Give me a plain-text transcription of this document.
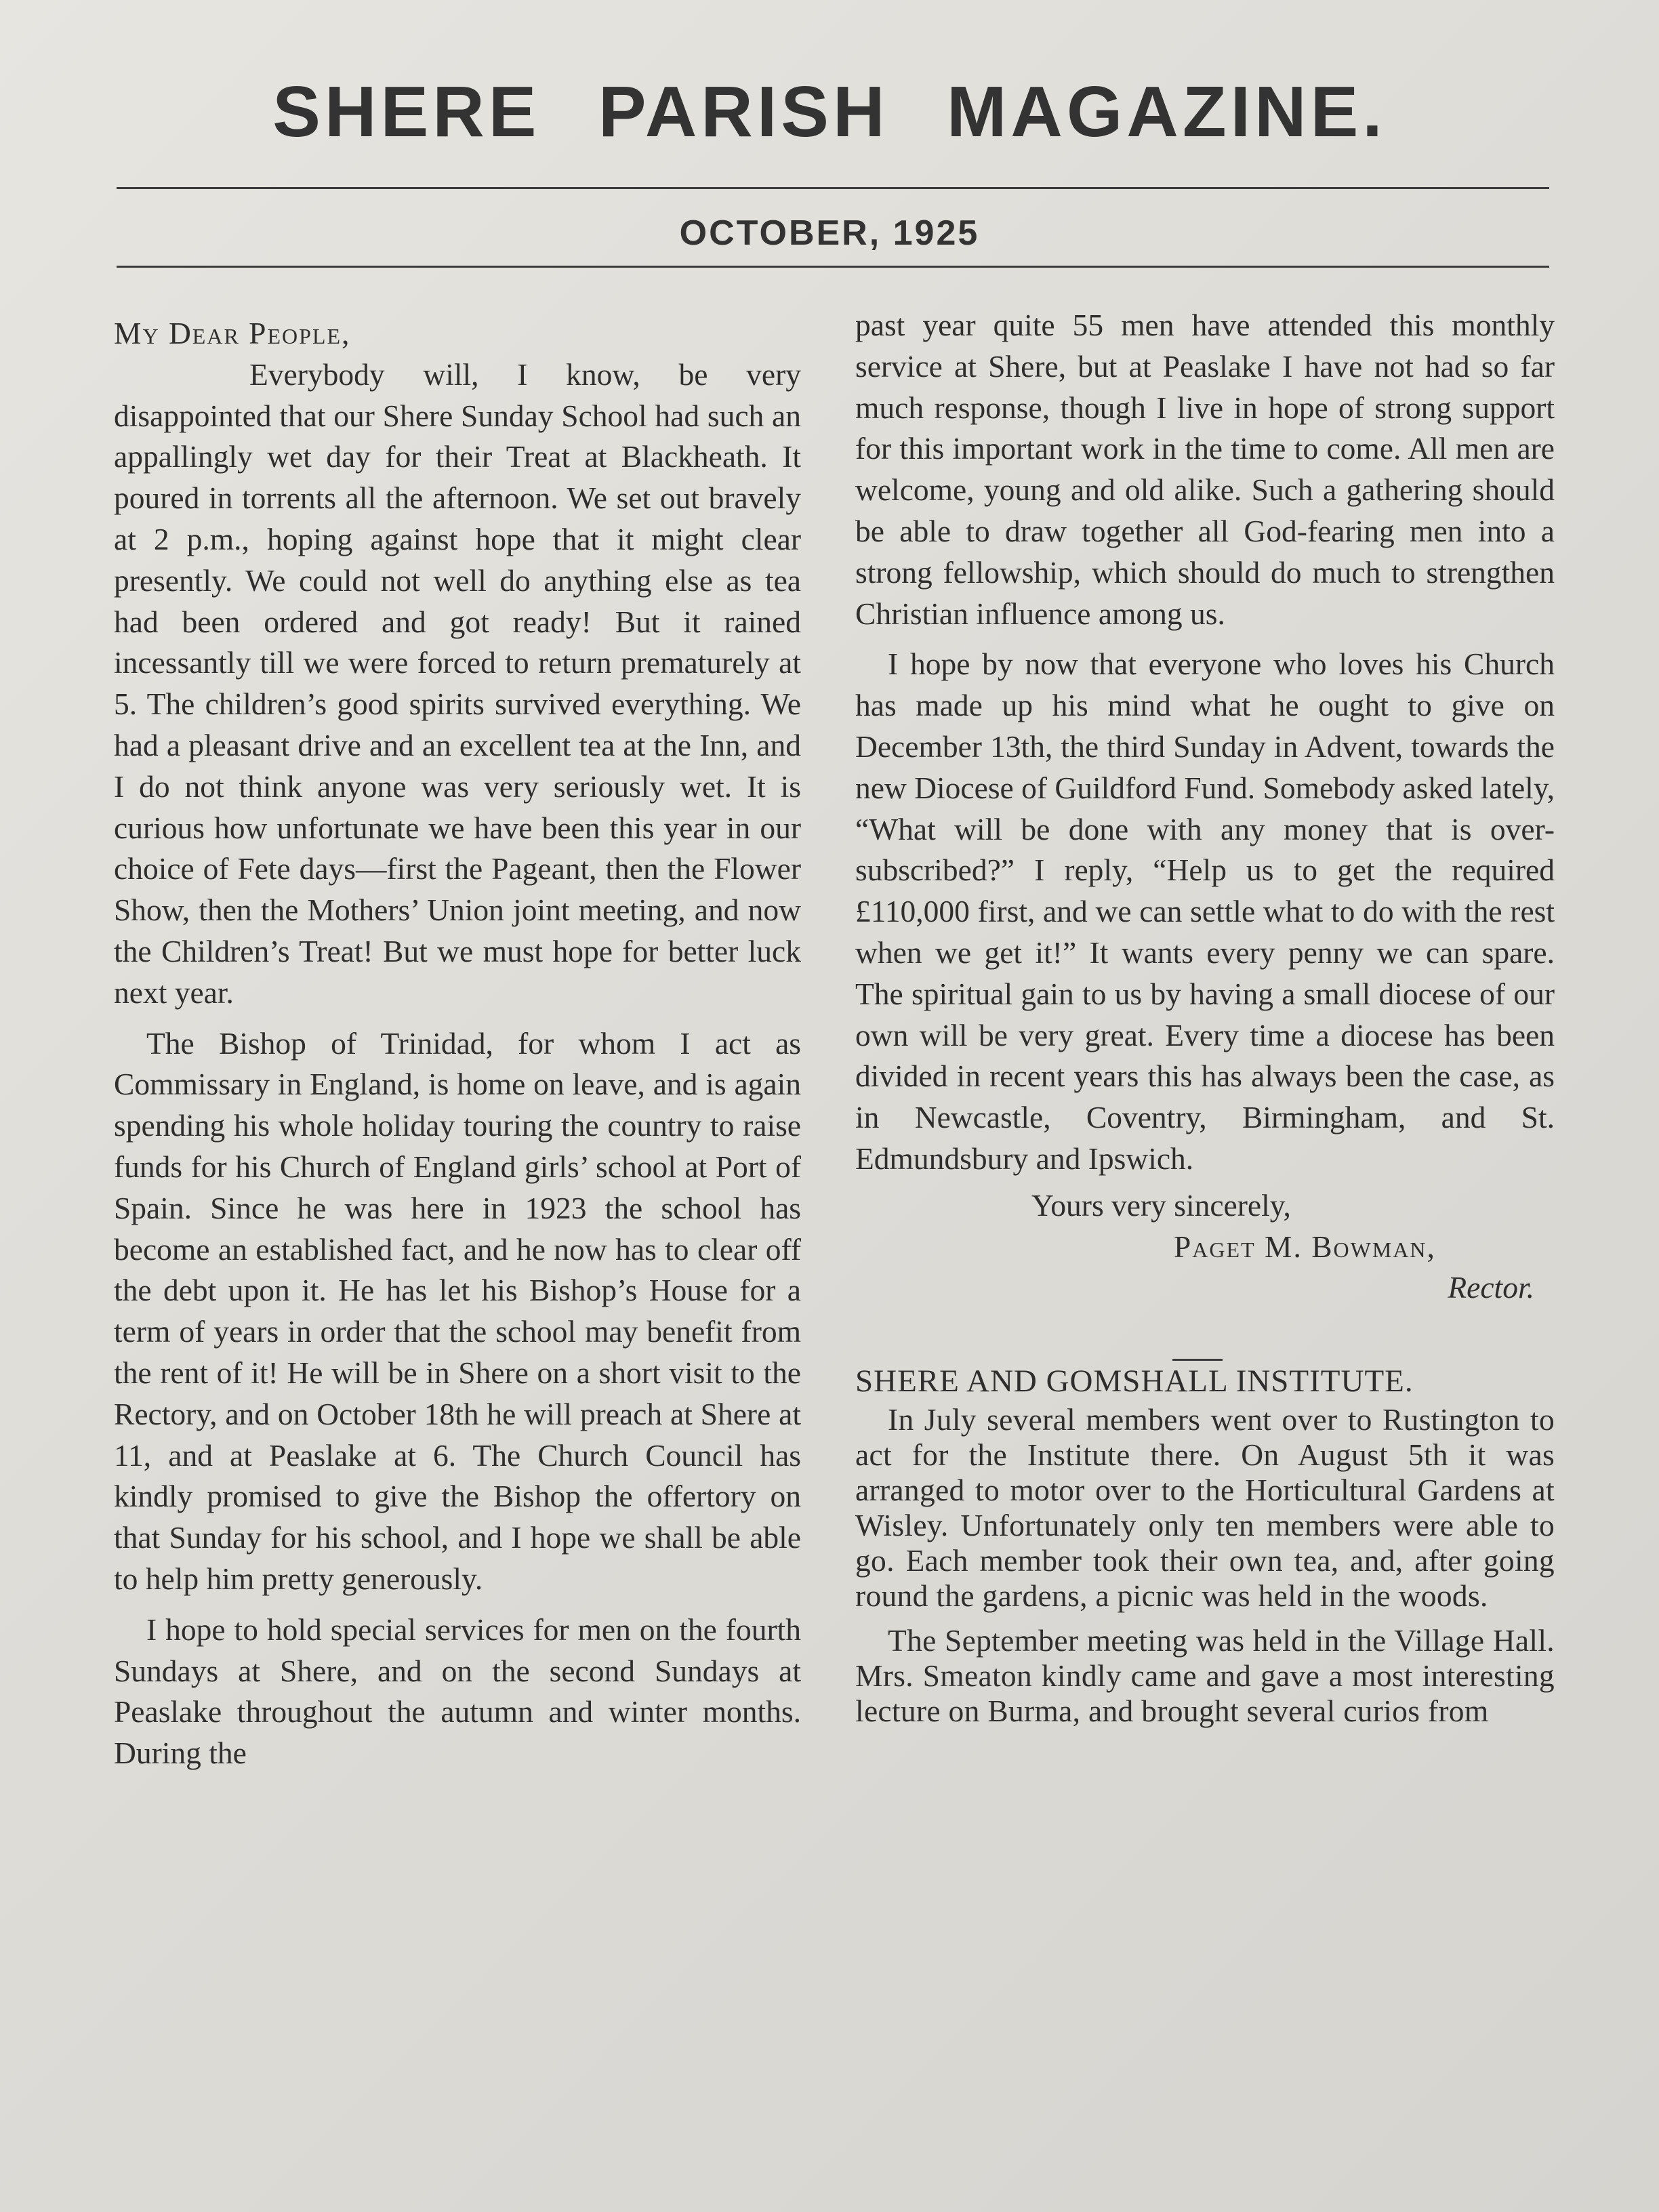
SHERE PARISH MAGAZINE.
OCTOBER, 1925

My Dear People,

Everybody will, I know, be very disappointed that our Shere Sunday School had such an appallingly wet day for their Treat at Blackheath. It poured in torrents all the afternoon. We set out bravely at 2 p.m., hoping against hope that it might clear presently. We could not well do anything else as tea had been ordered and got ready! But it rained incessantly till we were forced to return prematurely at 5. The children’s good spirits survived everything. We had a pleasant drive and an excellent tea at the Inn, and I do not think anyone was very seriously wet. It is curious how unfortunate we have been this year in our choice of Fete days—first the Pageant, then the Flower Show, then the Mothers’ Union joint meeting, and now the Children’s Treat! But we must hope for better luck next year.

The Bishop of Trinidad, for whom I act as Commissary in England, is home on leave, and is again spending his whole holiday touring the country to raise funds for his Church of England girls’ school at Port of Spain. Since he was here in 1923 the school has become an established fact, and he now has to clear off the debt upon it. He has let his Bishop’s House for a term of years in order that the school may benefit from the rent of it! He will be in Shere on a short visit to the Rectory, and on October 18th he will preach at Shere at 11, and at Peaslake at 6. The Church Council has kindly promised to give the Bishop the offertory on that Sunday for his school, and I hope we shall be able to help him pretty generously.

I hope to hold special services for men on the fourth Sundays at Shere, and on the second Sundays at Peaslake throughout the autumn and winter months. During the

past year quite 55 men have attended this monthly service at Shere, but at Peaslake I have not had so far much response, though I live in hope of strong support for this important work in the time to come. All men are welcome, young and old alike. Such a gathering should be able to draw together all God-fearing men into a strong fellowship, which should do much to strengthen Christian influence among us.

I hope by now that everyone who loves his Church has made up his mind what he ought to give on December 13th, the third Sunday in Advent, towards the new Diocese of Guildford Fund. Somebody asked lately, “What will be done with any money that is over-subscribed?” I reply, “Help us to get the required £110,000 first, and we can settle what to do with the rest when we get it!” It wants every penny we can spare. The spiritual gain to us by having a small diocese of our own will be very great. Every time a diocese has been divided in recent years this has always been the case, as in Newcastle, Coventry, Birmingham, and St. Edmundsbury and Ipswich.

Yours very sincerely,

Paget M. Bowman,

Rector.

SHERE AND GOMSHALL INSTITUTE.

In July several members went over to Rustington to act for the Institute there. On August 5th it was arranged to motor over to the Horticultural Gardens at Wisley. Unfortunately only ten members were able to go. Each member took their own tea, and, after going round the gardens, a picnic was held in the woods.

The September meeting was held in the Village Hall. Mrs. Smeaton kindly came and gave a most interesting lecture on Burma, and brought several curios from
